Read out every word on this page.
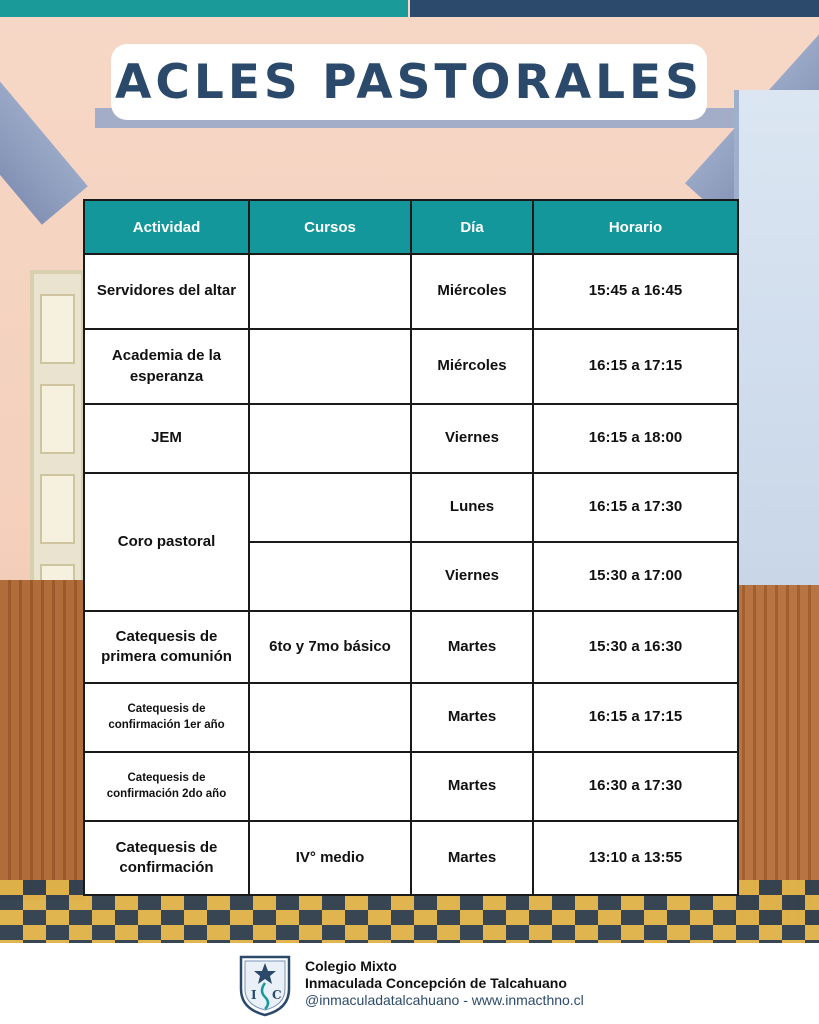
ACLES PASTORALES
Actividad	Cursos	Día	Horario
Servidores del altar		Miércoles	15:45 a 16:45
Academia de la esperanza		Miércoles	16:15 a 17:15
JEM		Viernes	16:15 a 18:00
Coro pastoral		Lunes	16:15 a 17:30
		Viernes	15:30 a 17:00
Catequesis de primera comunión	6to y 7mo básico	Martes	15:30 a 16:30
Catequesis de confirmación 1er año		Martes	16:15 a 17:15
Catequesis de confirmación 2do año		Martes	16:30 a 17:30
Catequesis de confirmación	IV° medio	Martes	13:10 a 13:55
I C
Colegio Mixto
Inmaculada Concepción de Talcahuano
@inmaculadatalcahuano - www.inmacthno.cl
